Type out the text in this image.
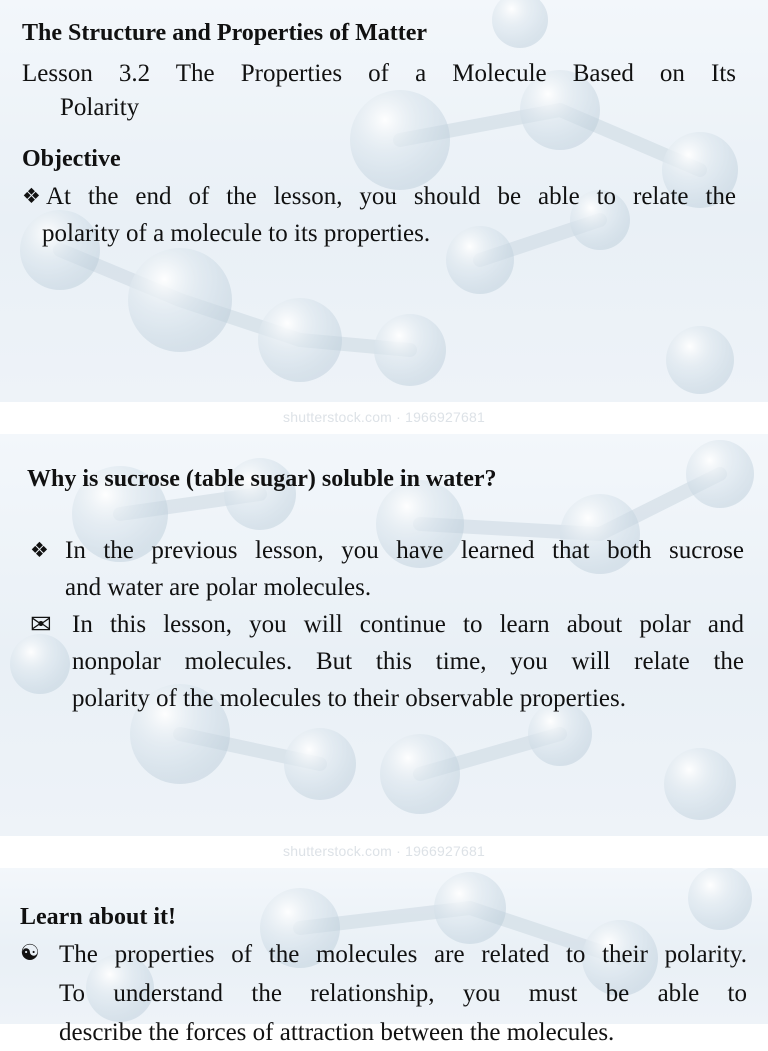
The Structure and Properties of Matter
Lesson 3.2 The Properties of a Molecule Based on Its
Polarity
Objective
❖ At the end of the lesson, you should be able to relate the
polarity of a molecule to its properties.
shutterstock.com · 1966927681
Why is sucrose (table sugar) soluble in water?
❖ In the previous lesson, you have learned that both sucrose
and water are polar molecules.
✉ In this lesson, you will continue to learn about polar and
nonpolar molecules. But this time, you will relate the
polarity of the molecules to their observable properties.
shutterstock.com · 1966927681
Learn about it!
☯ The properties of the molecules are related to their polarity.
To understand the relationship, you must be able to
describe the forces of attraction between the molecules.
